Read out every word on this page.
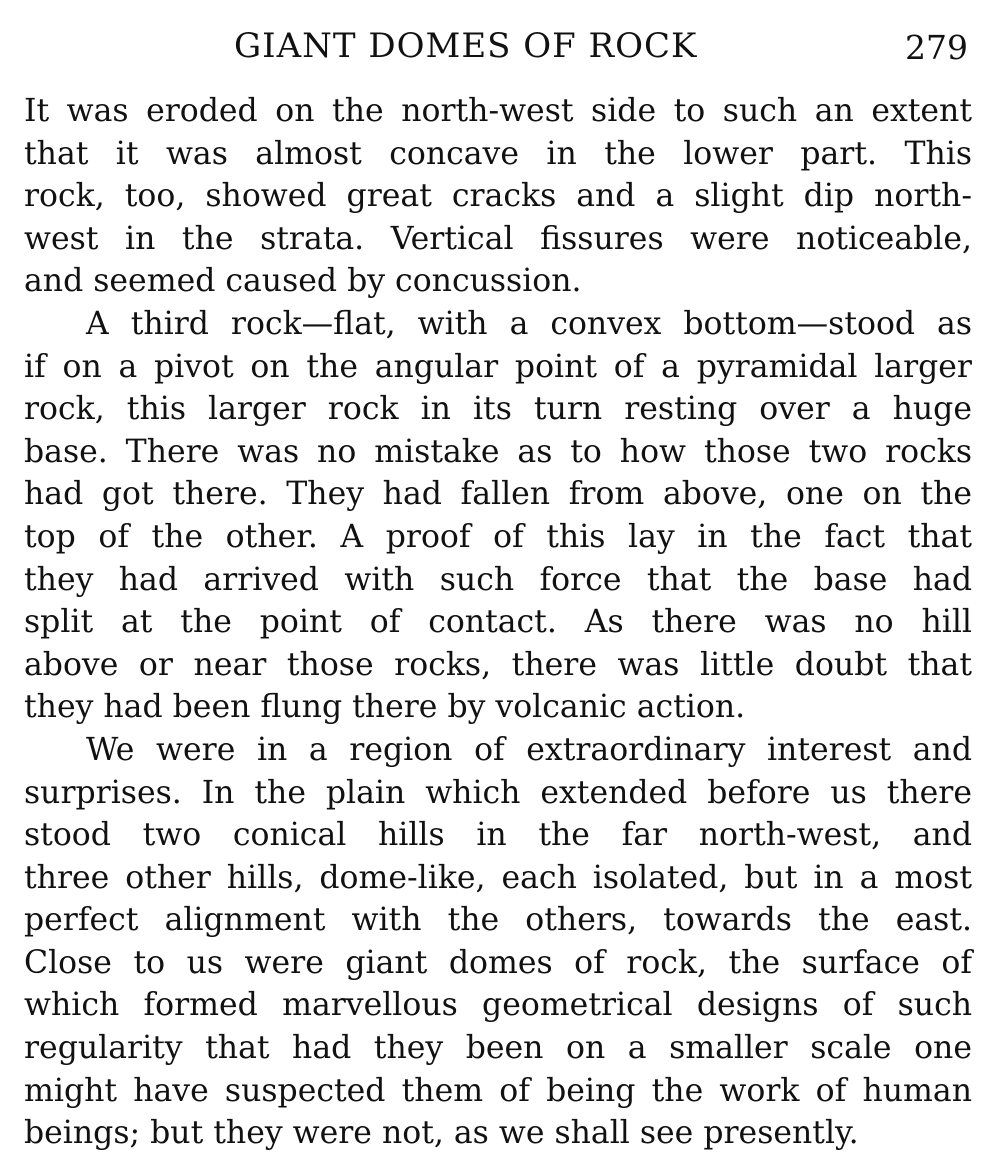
GIANT DOMES OF ROCK	279
It was eroded on the north-west side to such an extent
that it was almost concave in the lower part. This
rock, too, showed great cracks and a slight dip north-
west in the strata. Vertical fissures were noticeable,
and seemed caused by concussion.
A third rock—flat, with a convex bottom—stood as
if on a pivot on the angular point of a pyramidal larger
rock, this larger rock in its turn resting over a huge
base. There was no mistake as to how those two rocks
had got there. They had fallen from above, one on the
top of the other. A proof of this lay in the fact that
they had arrived with such force that the base had
split at the point of contact. As there was no hill
above or near those rocks, there was little doubt that
they had been flung there by volcanic action.
We were in a region of extraordinary interest and
surprises. In the plain which extended before us there
stood two conical hills in the far north-west, and
three other hills, dome-like, each isolated, but in a most
perfect alignment with the others, towards the east.
Close to us were giant domes of rock, the surface of
which formed marvellous geometrical designs of such
regularity that had they been on a smaller scale one
might have suspected them of being the work of human
beings; but they were not, as we shall see presently.
